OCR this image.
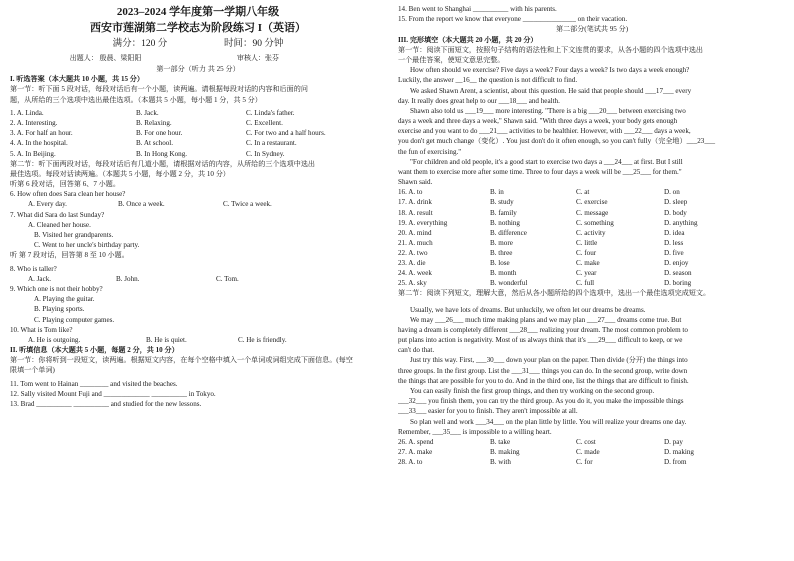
2023–2024 学年度第一学期八年级
西安市莲湖第二学校志为阶段练习 I（英语）
满分：120 分	时间：90 分钟
出题人： 殷晨、梁阳阳	审核人：张芬
第一部分（听力 共 25 分）
I. 听选答案（本大题共 10 小题，共 15 分）
第一节：听下面 5 段对话，每段对话后有一个小题，读两遍。请根据每段对话的内容和后面的问
题，从所给的三个选项中选出最佳选项。（本题共 5 小题，每小题 1 分，共 5 分）
1. A. Linda.	B. Jack.	C. Linda's father.
2. A. Interesting.	B. Relaxing.	C. Excellent.
3. A. For half an hour.	B. For one hour.	C. For two and a half hours.
4. A. In the hospital.	B. At school.	C. In a restaurant.
5. A. In Beijing.	B. In Hong Kong.	C. In Sydney.
第二节：听下面两段对话，每段对话后有几道小题，请根据对话的内容，从所给的三个选项中选出
最佳选项。每段对话读两遍。（本题共 5 小题，每小题 2 分，共 10 分）
听第 6 段对话，回答第 6、7 小题。
6. How often does Sara clean her house?
A. Every day.	B. Once a week.	C. Twice a week.
7. What did Sara do last Sunday?
A. Cleaned her house.
B. Visited her grandparents.
C. Went to her uncle's birthday party.
听 第 7 段对话，回答第 8 至 10 小题。
8. Who is taller?
A. Jack.	B. John.	C. Tom.
9. Which one is not their hobby?
A. Playing the guitar.
B. Playing sports.
C. Playing computer games.
10. What is Tom like?
A. He is outgoing.	B. He is quiet.	C. He is friendly.
II. 听填信息（本大题共 5 小题，每题 2 分，共 10 分）
第一节：你将听到一段短文，读两遍。根据短文内容，在每个空格中填入一个单词或词组完成下面信息。(每空
限填一个单词)
11. Tom went to Hainan ________ and visited the beaches.
12. Sally visited Mount Fuji and _____________ __________ in Tokyo.
13. Brad __________ __________ and studied for the new lessons.
14. Ben went to Shanghai __________ with his parents.
15. From the report we know that everyone _______________ on their vacation.
第二部分(笔试共 95 分)
III. 完形填空（本大题共 20 小题，共 20 分）
第一节：阅读下面短文，按照句子结构的语法性和上下文连贯的要求，从各小题的四个选项中选出
一个最佳答案，使短文意思完整。
How often should we exercise? Five days a week? Four days a week? Is two days a week enough?
Luckily, the answer __16__ the question is not difficult to find.
We asked Shawn Arent, a scientist, about this question. He said that people should ___17___ every
day. It really does great help to our ___18___ and health.
Shawn also told us ___19___ more interesting. "There is a big ___20___ between exercising two
days a week and three days a week," Shawn said. "With three days a week, your body gets enough
exercise and you want to do ___21___ activities to be healthier. However, with ___22___ days a week,
you don't get much change（变化）. You just don't do it often enough, so you can't fully（完全地）___23___
the fun of exercising."
"For children and old people, it's a good start to exercise two days a ___24___ at first. But I still
want them to exercise more after some time. Three to four days a week will be ___25___ for them."
Shawn said.
16. A. to	B. in	C. at	D. on
17. A. drink	B. study	C. exercise	D. sleep
18. A. result	B. family	C. message	D. body
19. A. everything	B. nothing	C. something	D. anything
20. A. mind	B. difference	C. activity	D. idea
21. A. much	B. more	C. little	D. less
22. A. two	B. three	C. four	D. five
23. A. die	B. lose	C. make	D. enjoy
24. A. week	B. month	C. year	D. season
25. A. sky	B. wonderful	C. full	D. boring
第二节：阅读下列短文，理解大意，然后从各小题所给的四个选项中，选出一个最佳选项完成短文。
Usually, we have lots of dreams. But unluckily, we often let our dreams be dreams.
We may ___26___ much time making plans and we may plan ___27___ dreams come true. But
having a dream is completely different ___28___ realizing your dream. The most common problem to
put plans into action is negativity. Most of us always think that it's ___29___ difficult to keep, or we
can't do that.
Just try this way. First, ___30___ down your plan on the paper. Then divide (分开) the things into
three groups. In the first group. List the ___31___ things you can do. In the second group, write down
the things that are possible for you to do. And in the third one, list the things that are difficult to finish.
You can easily finish the first group things, and then try working on the second group.
___32___ you finish them, you can try the third group. As you do it, you make the impossible things
___33___ easier for you to finish. They aren't impossible at all.
So plan well and work ___34___ on the plan little by little. You will realize your dreams one day.
Remember, ___35___ is impossible to a willing heart.
26. A. spend	B. take	C. cost	D. pay
27. A. make	B. making	C. made	D. making
28. A. to	B. with	C. for	D. from
